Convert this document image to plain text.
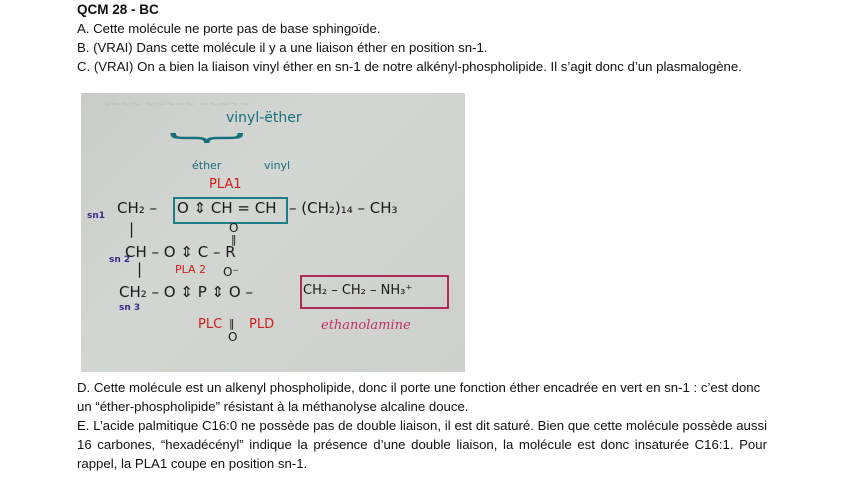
QCM 28 - BC

A. Cette molécule ne porte pas de base sphingoïde.

B. (VRAI) Dans cette molécule il y a une liaison éther en position sn-1.

C. (VRAI) On a bien la liaison vinyl éther en sn-1 de notre alkényl-phospholipide. Il s’agit donc d’un plasmalogène.

~~~~ ~~~~~ ~~~~~
vinyl-ëther
}
éther	vinyl
PLA1
sn1 CH₂ – O ⇕ CH = CH – (CH₂)₁₄ – CH₃
|	O
‖
sn 2
CH – O ⇕ C – R
|	PLA 2 O⁻
CH₂ – O ⇕ P ⇕ O –	CH₂ – CH₂ – NH₃⁺
sn 3
PLC ‖
O
PLD	ethanolamine

D. Cette molécule est un alkenyl phospholipide, donc il porte une fonction éther encadrée en vert en sn-1 : c’est donc un “éther-phospholipide” résistant à la méthanolyse alcaline douce.

E. L’acide palmitique C16:0 ne possède pas de double liaison, il est dit saturé. Bien que cette molécule possède aussi 16 carbones, “hexadécényl” indique la présence d’une double liaison, la molécule est donc insaturée C16:1. Pour rappel, la PLA1 coupe en position sn-1.
